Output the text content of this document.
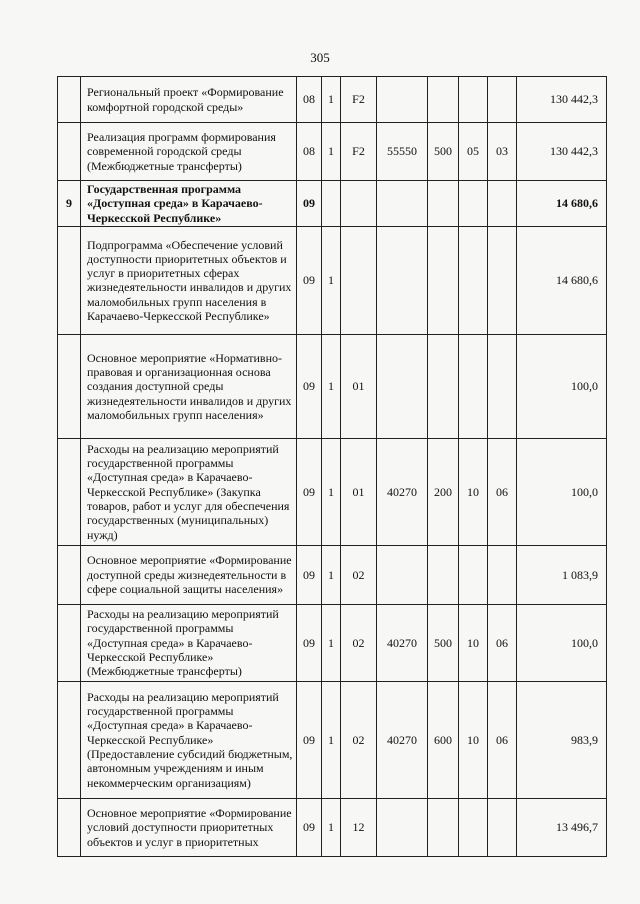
305
	Региональный проект «Формирование комфортной городской среды»	08	1	F2					130 442,3
	Реализация программ формирования современной городской среды (Межбюджетные трансферты)	08	1	F2	55550	500	05	03	130 442,3
9	Государственная программа «Доступная среда» в Карачаево-Черкесской Республике»	09							14 680,6
	Подпрограмма «Обеспечение условий доступности приоритетных объектов и услуг в приоритетных сферах жизнедеятельности инвалидов и других маломобильных групп населения в Карачаево-Черкесской Республике»	09	1						14 680,6
	Основное мероприятие «Нормативно-правовая и организационная основа создания доступной среды жизнедеятельности инвалидов и других маломобильных групп населения»	09	1	01					100,0
	Расходы на реализацию мероприятий государственной программы «Доступная среда» в Карачаево-Черкесской Республике» (Закупка товаров, работ и услуг для обеспечения государственных (муниципальных) нужд)	09	1	01	40270	200	10	06	100,0
	Основное мероприятие «Формирование доступной среды жизнедеятельности в сфере социальной защиты населения»	09	1	02					1 083,9
	Расходы на реализацию мероприятий государственной программы «Доступная среда» в Карачаево-Черкесской Республике» (Межбюджетные трансферты)	09	1	02	40270	500	10	06	100,0
	Расходы на реализацию мероприятий государственной программы «Доступная среда» в Карачаево-Черкесской Республике» (Предоставление субсидий бюджетным, автономным учреждениям и иным некоммерческим организациям)	09	1	02	40270	600	10	06	983,9
	Основное мероприятие «Формирование условий доступности приоритетных объектов и услуг в приоритетных	09	1	12					13 496,7
